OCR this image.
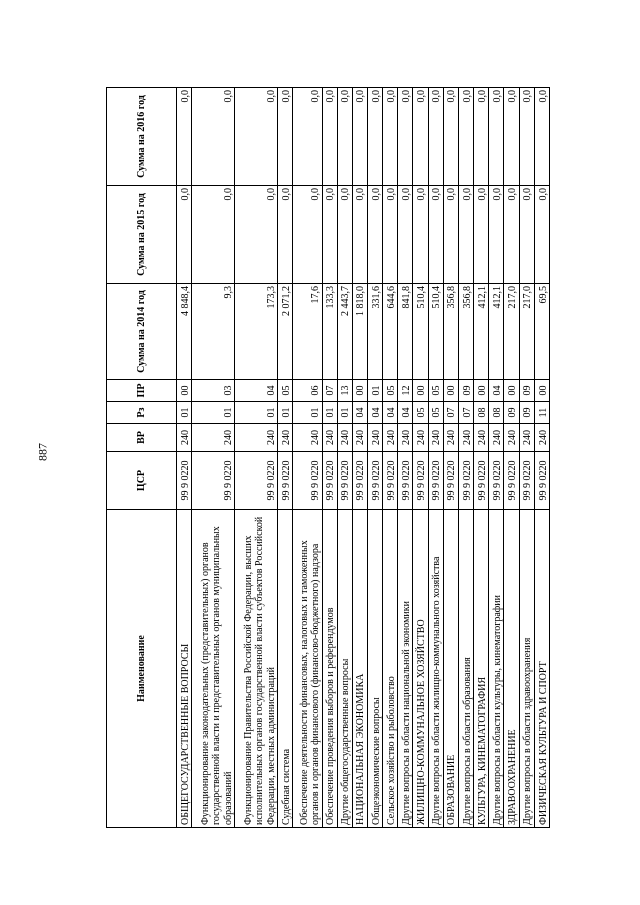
887
Наименование	ЦСР	ВР	Рз	ПР	Сумма на 2014 год	Сумма на 2015 год	Сумма на 2016 год
ОБЩЕГОСУДАРСТВЕННЫЕ ВОПРОСЫ	99 9 0220	240	01	00	4 848,4	0,0	0,0
Функционирование законодательных (представительных) органов государственной власти и представительных органов муниципальных образований	99 9 0220	240	01	03	9,3	0,0	0,0
Функционирование Правительства Российской Федерации, высших исполнительных органов государственной власти субъектов Российской Федерации, местных администраций	99 9 0220	240	01	04	173,3	0,0	0,0
Судебная система	99 9 0220	240	01	05	2 071,2	0,0	0,0
Обеспечение деятельности финансовых, налоговых и таможенных органов и органов финансового (финансово-бюджетного) надзора	99 9 0220	240	01	06	17,6	0,0	0,0
Обеспечение проведения выборов и референдумов	99 9 0220	240	01	07	133,3	0,0	0,0
Другие общегосударственные вопросы	99 9 0220	240	01	13	2 443,7	0,0	0,0
НАЦИОНАЛЬНАЯ ЭКОНОМИКА	99 9 0220	240	04	00	1 818,0	0,0	0,0
Общеэкономические вопросы	99 9 0220	240	04	01	331,6	0,0	0,0
Сельское хозяйство и рыболовство	99 9 0220	240	04	05	644,6	0,0	0,0
Другие вопросы в области национальной экономики	99 9 0220	240	04	12	841,8	0,0	0,0
ЖИЛИЩНО-КОММУНАЛЬНОЕ ХОЗЯЙСТВО	99 9 0220	240	05	00	510,4	0,0	0,0
Другие вопросы в области жилищно-коммунального хозяйства	99 9 0220	240	05	05	510,4	0,0	0,0
ОБРАЗОВАНИЕ	99 9 0220	240	07	00	356,8	0,0	0,0
Другие вопросы в области образования	99 9 0220	240	07	09	356,8	0,0	0,0
КУЛЬТУРА, КИНЕМАТОГРАФИЯ	99 9 0220	240	08	00	412,1	0,0	0,0
Другие вопросы в области культуры, кинематографии	99 9 0220	240	08	04	412,1	0,0	0,0
ЗДРАВООХРАНЕНИЕ	99 9 0220	240	09	00	217,0	0,0	0,0
Другие вопросы в области здравоохранения	99 9 0220	240	09	09	217,0	0,0	0,0
ФИЗИЧЕСКАЯ КУЛЬТУРА И СПОРТ	99 9 0220	240	11	00	69,5	0,0	0,0
